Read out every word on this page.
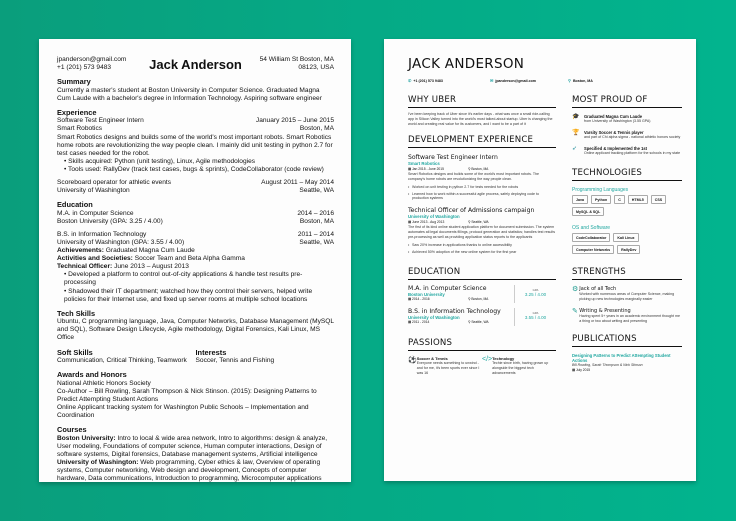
jpanderson@gmail.com
+1 (201) 573 9483	Jack Anderson	54 William St Boston, MA
08123, USA
Summary
Currently a master's student at Boston University in Computer Science. Graduated Magna Cum Laude with a bachelor's degree in Information Technology. Aspiring software engineer
Experience
Software Test Engineer Intern	January 2015 – June 2015
Smart Robotics	Boston, MA
Smart Robotics designs and builds some of the world's most important robots. Smart Robotics home robots are revolutionizing the way people clean. I mainly did unit testing in python 2.7 for test cases needed for the robot.
• Skills acquired: Python (unit testing), Linux, Agile methodologies
• Tools used: RallyDev (track test cases, bugs & sprints), CodeCollaborator (code review)
Scoreboard operator for athletic events	August 2011 – May 2014
University of Washington	Seattle, WA
Education
M.A. in Computer Science	2014 – 2016
Boston University (GPA: 3.25 / 4.00)	Boston, MA
B.S. in Information Technology	2011 – 2014
University of Washington (GPA: 3.55 / 4.00)	Seattle, WA
Achievements: Graduated Magna Cum Laude
Activities and Societies: Soccer Team and Beta Alpha Gamma
Technical Officer: June 2013 – August 2013
• Developed a platform to control out-of-city applications & handle test results pre-processing
• Shadowed their IT department; watched how they control their servers, helped write policies for their Internet use, and fixed up server rooms at multiple school locations
Tech Skills
Ubuntu, C programming language, Java, Computer Networks, Database Management (MySQL and SQL), Software Design Lifecycle, Agile methodology, Digital Forensics, Kali Linux, MS Office
Soft Skills
Communication, Critical Thinking, Teamwork
Interests
Soccer, Tennis and Fishing
Awards and Honors
National Athletic Honors Society
Co-Author – Bill Rowling, Sarah Thompson & Nick Stinson. (2015): Designing Patterns to Predict Attempting Student Actions
Online Applicant tracking system for Washington Public Schools – Implementation and Coordination
Courses
Boston University: Intro to local & wide area network, Intro to algorithms: design & analyze, User modeling, Foundations of computer science, Human computer interactions, Design of software systems, Digital forensics, Database management systems, Artificial intelligence
University of Washington: Web programming, Cyber ethics & law, Overview of operating systems, Computer networking, Web design and development, Concepts of computer hardware, Data communications, Introduction to programming, Microcomputer applications
JACK ANDERSON
✆ +1 (201) 573 9483	✉ jpanderson@gmail.com	⚲ Boston, MA
WHY UBER
I've been keeping track of Uber since it's earlier days - what was once a small ride-calling app in Silicon Valley turned into the world's most talked-about startup. Uber is changing the world and creating real value for its customers, and I want to be a part of it
DEVELOPMENT EXPERIENCE
Software Test Engineer Intern
Smart Robotics
▦ Jan 2015 - June 2015	⚲ Boston, MA
Smart Robotics designs and builds some of the world's most important robots. The company's home robots are revolutionizing the way people clean.
• Worked on unit testing in python 2.7 for tests needed for the robots
• Learned how to work within a successful agile process, safely deploying code to production systems
Technical Officer of Admissions campaign
University of Washington
▦ June 2013 - Aug 2013	⚲ Seattle, WA
The first of its kind online student application platform for document submission. The system automates all legal documents fillings, protocol generation and statistics; handles test results pre-processing as well as providing application status reports to the applicants
• Saw 20% increase in applications thanks to online accessibility
• Achieved 50% adoption of the new online system for the first year
EDUCATION
M.A. in Computer Science
Boston University
▦ 2014 - 2016	⚲ Boston, MA
GPA
3.25 / 4.00
B.S. in Information Technology
University of Washington
▦ 2011 - 2014	⚲ Seattle, WA
GPA
3.55 / 4.00
PASSIONS
⚽ Soccer & Tennis
Everyone needs something to unwind - and for me, it's been sports ever since I was 16
</> Technology
Techie since birth, having grown up alongside the biggest tech advancements
MOST PROUD OF
🎓	Graduated Magna Cum Laude
from University of Washington (3.55 GPA)
🏆	Varsity Soccer & Tennis player
and part of Chi alpha sigma - national athletic honors society
➶	Specified & Implemented the 1st
Online applicant tracking platform for the schools in my state
TECHNOLOGIES
Programming Languages
Java	Python	C	HTML5	CSS
MySQL & SQL
OS and Software
CodeCollaborator	Kali Linux
Computer Networks	RallyDev
STRENGTHS
⚙ Jack of all Tech
Worked with numerous areas of Computer Science, making picking up new technologies marginally easier
✎ Writing & Presenting
Having spent 5+ years in an academic environment thought me a thing or two about writing and presenting
PUBLICATIONS
Designing Patterns to Predict Attempting Student Actions
Bill Rowling, Sarah Thompson & Nick Stinson
▦ July 2015
